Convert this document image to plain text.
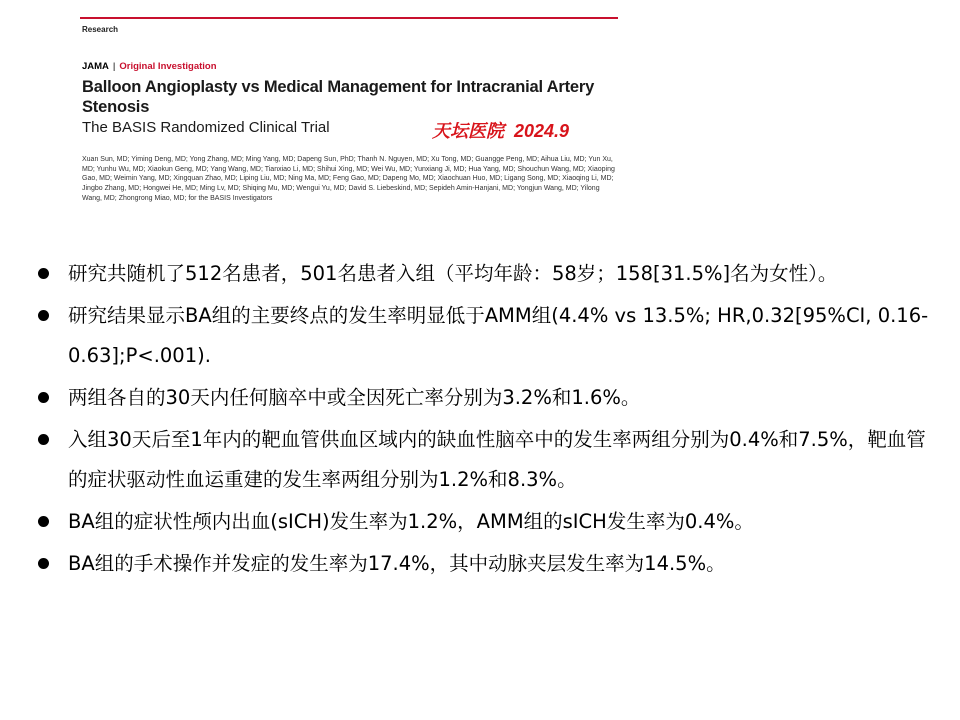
Research
JAMA | Original Investigation
Balloon Angioplasty vs Medical Management for Intracranial Artery Stenosis
The BASIS Randomized Clinical Trial	天坛医院 2024.9
Xuan Sun, MD; Yiming Deng, MD; Yong Zhang, MD; Ming Yang, MD; Dapeng Sun, PhD; Thanh N. Nguyen, MD; Xu Tong, MD; Guangge Peng, MD; Aihua Liu, MD; Yun Xu, MD; Yunhu Wu, MD; Xiaokun Geng, MD; Yang Wang, MD; Tianxiao Li, MD; Shihui Xing, MD; Wei Wu, MD; Yunxiang Ji, MD; Hua Yang, MD; Shouchun Wang, MD; Xiaoping Gao, MD; Weimin Yang, MD; Xingquan Zhao, MD; Liping Liu, MD; Ning Ma, MD; Feng Gao, MD; Dapeng Mo, MD; Xiaochuan Huo, MD; Ligang Song, MD; Xiaoqing Li, MD; Jingbo Zhang, MD; Hongwei He, MD; Ming Lv, MD; Shiqing Mu, MD; Wengui Yu, MD; David S. Liebeskind, MD; Sepideh Amin-Hanjani, MD; Yongjun Wang, MD; Yilong Wang, MD; Zhongrong Miao, MD; for the BASIS Investigators
研究共随机了512名患者，501名患者入组（平均年龄：58岁；158[31.5%]名为女性）。
研究结果显示BA组的主要终点的发生率明显低于AMM组(4.4% vs 13.5%; HR,0.32[95%CI, 0.16-0.63];P<.001).
两组各自的30天内任何脑卒中或全因死亡率分别为3.2%和1.6%。
入组30天后至1年内的靶血管供血区域内的缺血性脑卒中的发生率两组分别为0.4%和7.5%，靶血管的症状驱动性血运重建的发生率两组分别为1.2%和8.3%。
BA组的症状性颅内出血(sICH)发生率为1.2%，AMM组的sICH发生率为0.4%。
BA组的手术操作并发症的发生率为17.4%，其中动脉夹层发生率为14.5%。
